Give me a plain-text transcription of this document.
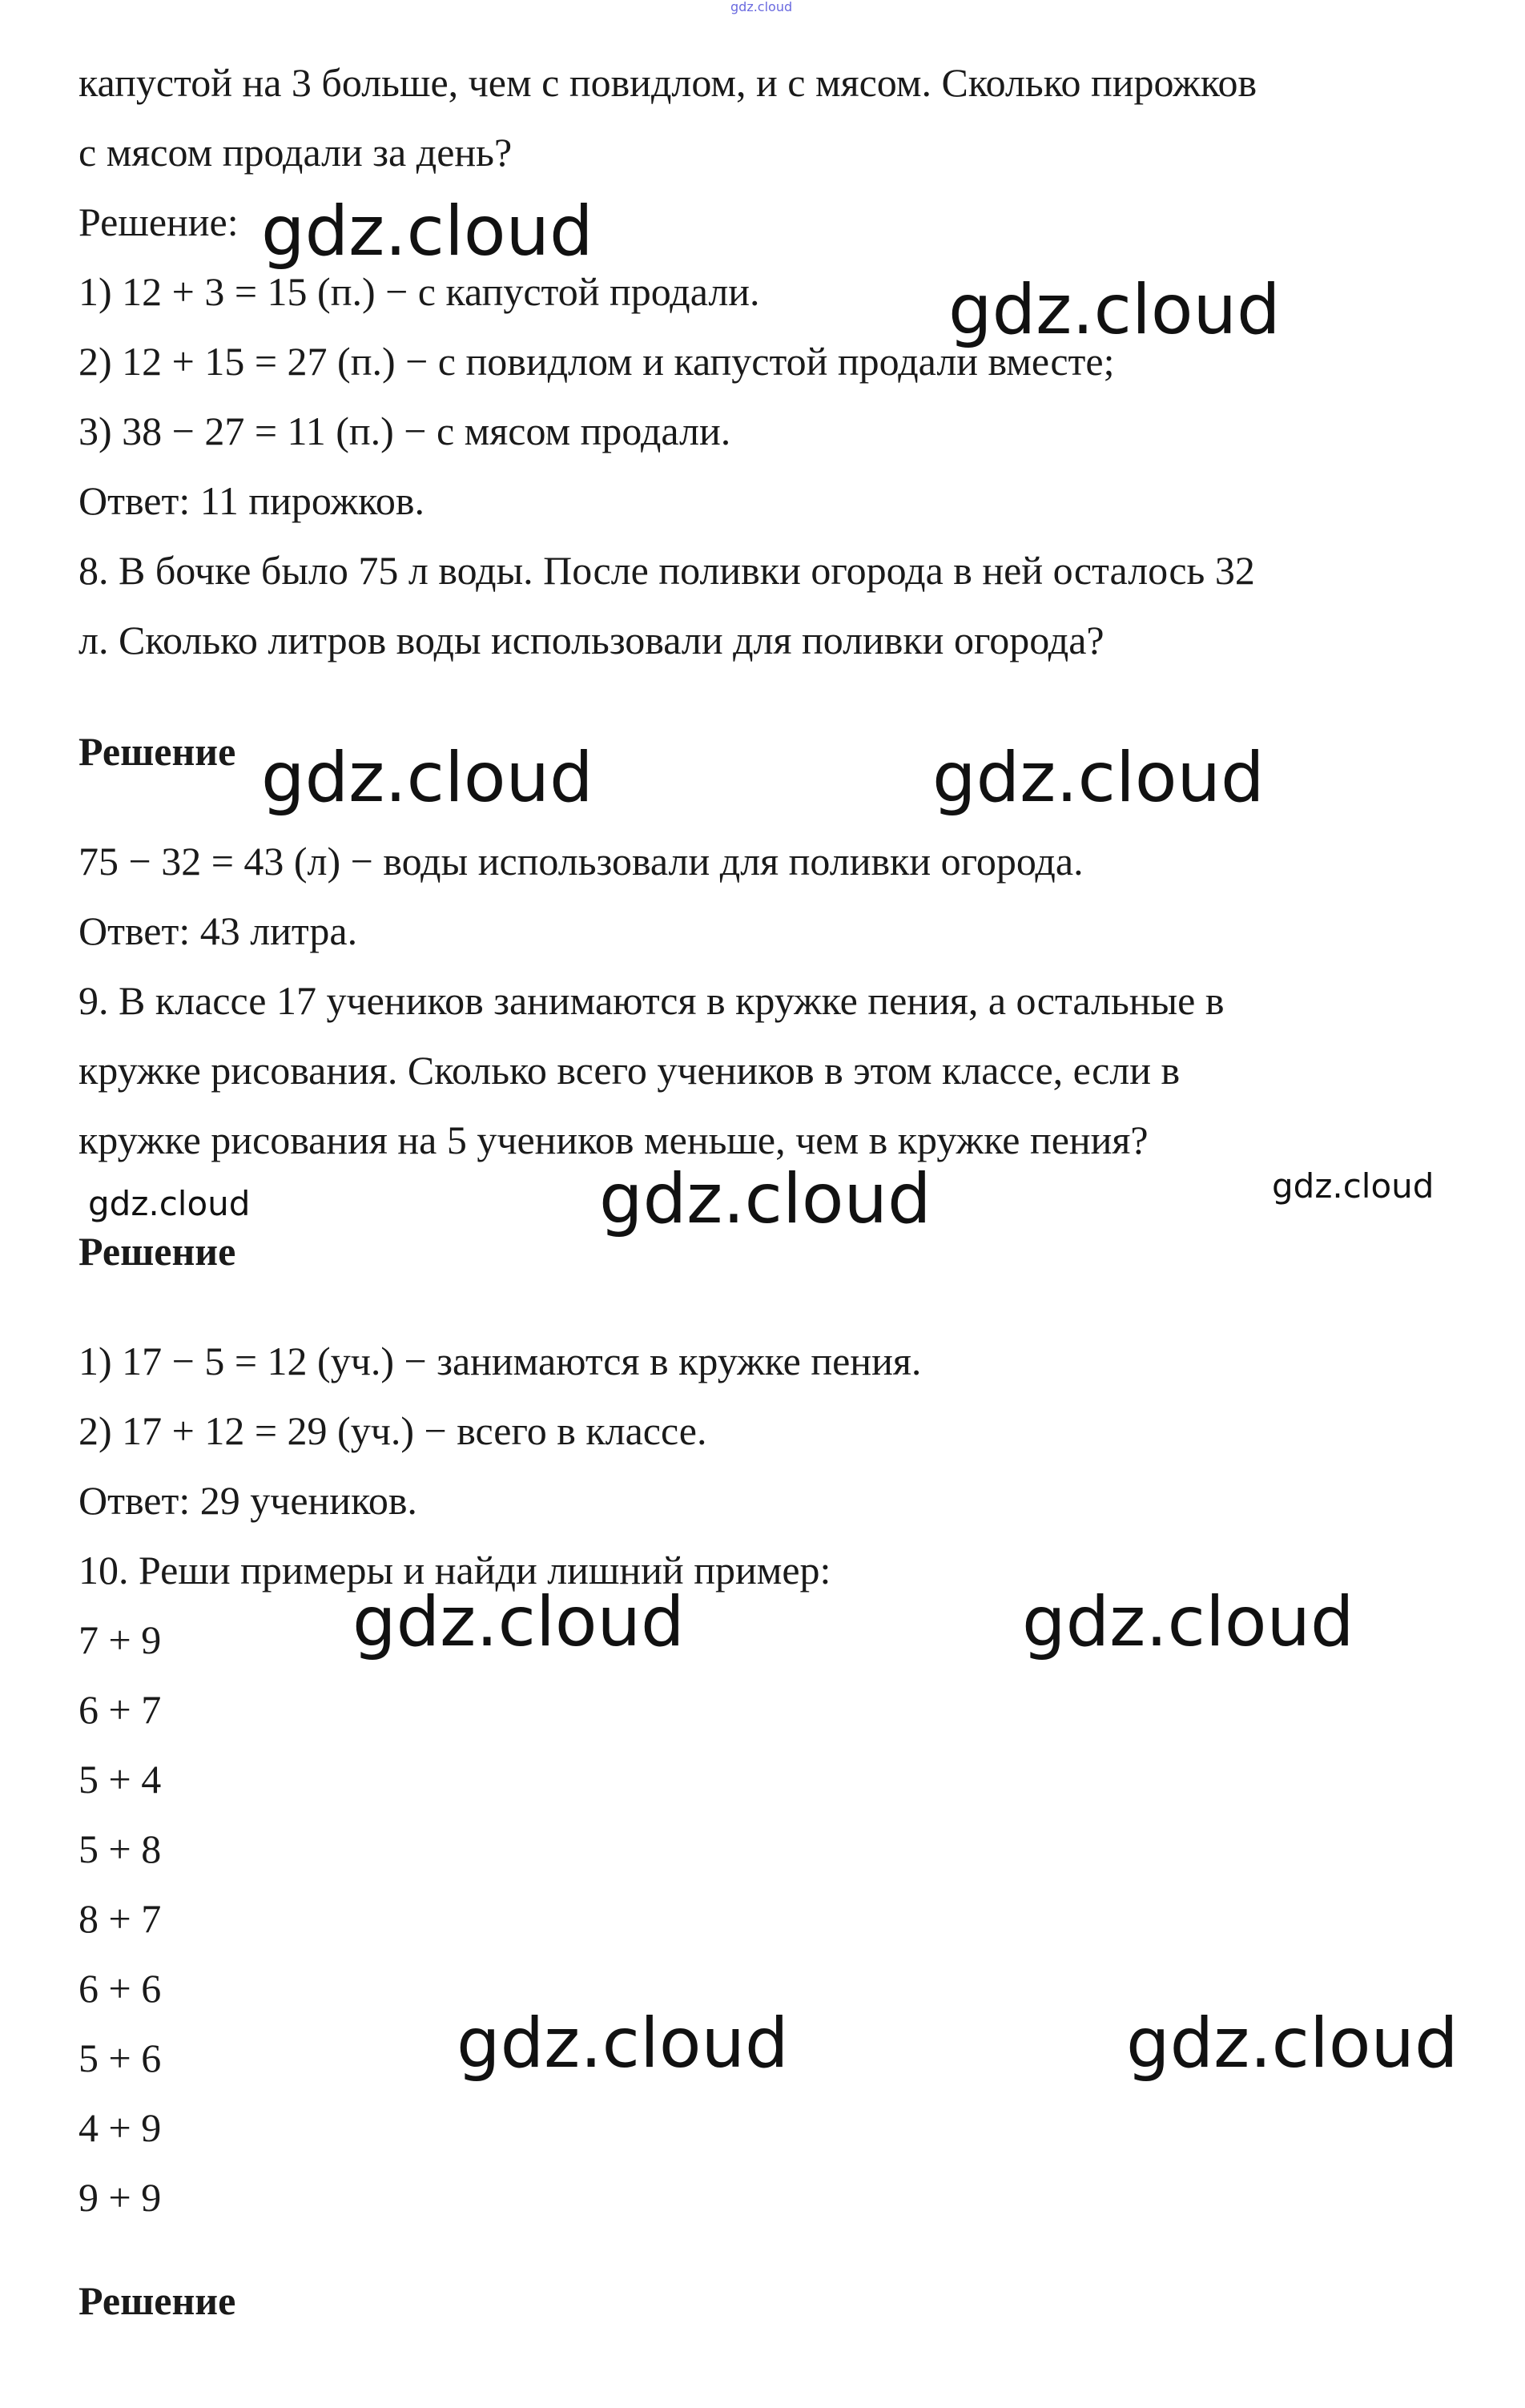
gdz.cloud
капустой на 3 больше, чем с повидлом, и с мясом. Сколько пирожков
с мясом продали за день?
Решение:
1) 12 + 3 = 15 (п.) − с капустой продали.
2) 12 + 15 = 27 (п.) − с повидлом и капустой продали вместе;
3) 38 − 27 = 11 (п.) − с мясом продали.
Ответ: 11 пирожков.
8. В бочке было 75 л воды. После поливки огорода в ней осталось 32
л. Сколько литров воды использовали для поливки огорода?
Решение
75 − 32 = 43 (л) − воды использовали для поливки огорода.
Ответ: 43 литра.
9. В классе 17 учеников занимаются в кружке пения, а остальные в
кружке рисования. Сколько всего учеников в этом классе, если в
кружке рисования на 5 учеников меньше, чем в кружке пения?
Решение
1) 17 − 5 = 12 (уч.) − занимаются в кружке пения.
2) 17 + 12 = 29 (уч.) − всего в классе.
Ответ: 29 учеников.
10. Реши примеры и найди лишний пример:
7 + 9
6 + 7
5 + 4
5 + 8
8 + 7
6 + 6
5 + 6
4 + 9
9 + 9
Решение
gdz.cloud
gdz.cloud
gdz.cloud	gdz.cloud
gdz.cloud	gdz.cloud	gdz.cloud
gdz.cloud	gdz.cloud
gdz.cloud	gdz.cloud
